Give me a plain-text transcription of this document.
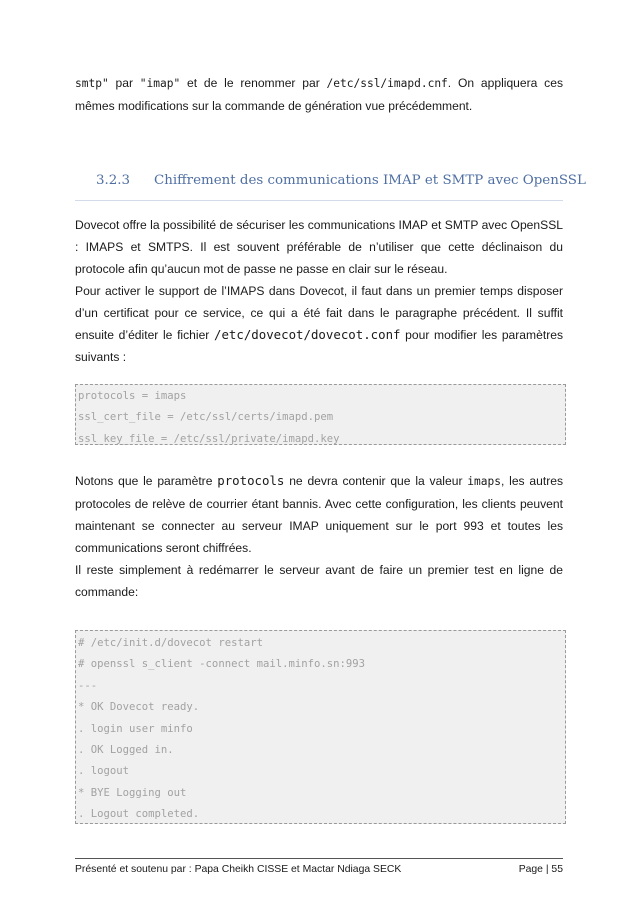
smtp" par "imap" et de le renommer par /etc/ssl/imapd.cnf. On appliquera ces mêmes modifications sur la commande de génération vue précédemment.

3.2.3 Chiffrement des communications IMAP et SMTP avec OpenSSL

Dovecot offre la possibilité de sécuriser les communications IMAP et SMTP avec OpenSSL : IMAPS et SMTPS. Il est souvent préférable de n’utiliser que cette déclinaison du protocole afin qu’aucun mot de passe ne passe en clair sur le réseau.

Pour activer le support de l’IMAPS dans Dovecot, il faut dans un premier temps disposer d’un certificat pour ce service, ce qui a été fait dans le paragraphe précédent. Il suffit ensuite d’éditer le fichier /etc/dovecot/dovecot.conf pour modifier les paramètres suivants :

protocols = imaps
ssl_cert_file = /etc/ssl/certs/imapd.pem
ssl_key_file = /etc/ssl/private/imapd.key

Notons que le paramètre protocols ne devra contenir que la valeur imaps, les autres protocoles de relève de courrier étant bannis. Avec cette configuration, les clients peuvent maintenant se connecter au serveur IMAP uniquement sur le port 993 et toutes les communications seront chiffrées.

Il reste simplement à redémarrer le serveur avant de faire un premier test en ligne de commande:

# /etc/init.d/dovecot restart
# openssl s_client -connect mail.minfo.sn:993
---
* OK Dovecot ready.
. login user minfo
. OK Logged in.
. logout
* BYE Logging out
. Logout completed.
Présenté et soutenu par : Papa Cheikh CISSE et Mactar Ndiaga SECK	Page | 55
